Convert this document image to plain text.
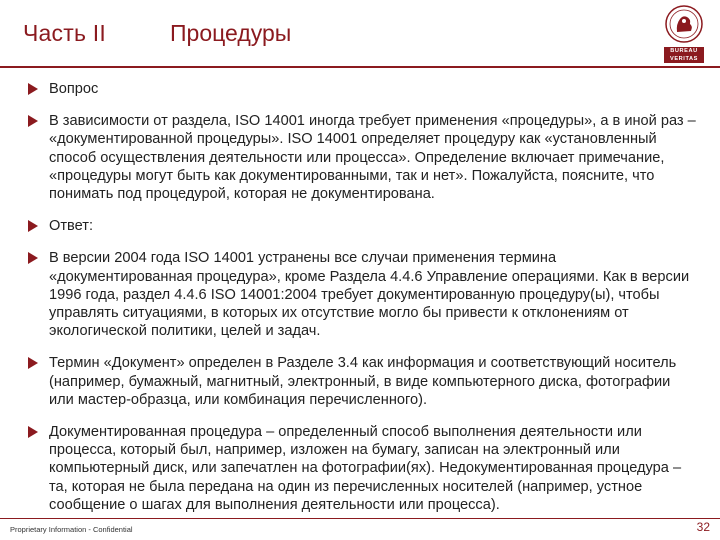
Часть II	Процедуры
BUREAU
VERITAS
Вопрос
В зависимости от раздела, ISO 14001 иногда требует применения «процедуры», а в иной раз – «документированной процедуры». ISO 14001 определяет процедуру как «установленный способ осуществления деятельности или процесса». Определение включает примечание, «процедуры могут быть как документированными, так и нет». Пожалуйста, поясните, что понимать под процедурой, которая не документирована.
Ответ:
В версии 2004 года ISO 14001 устранены все случаи применения термина «документированная процедура», кроме Раздела 4.4.6 Управление операциями. Как в версии 1996 года, раздел 4.4.6 ISO 14001:2004 требует документированную процедуру(ы), чтобы управлять ситуациями, в которых их отсутствие могло бы привести к отклонениям от экологической политики, целей и задач.
Термин «Документ» определен в Разделе 3.4 как информация и соответствующий носитель (например, бумажный, магнитный, электронный, в виде компьютерного диска, фотографии или мастер-образца, или комбинация перечисленного).
Документированная процедура – определенный способ выполнения деятельности или процесса, который был, например, изложен на бумагу, записан на электронный или компьютерный диск, или запечатлен на фотографии(ях). Недокументированная процедура – та, которая не была передана на один из перечисленных носителей (например, устное сообщение о шагах для выполнения деятельности или процесса).
Proprietary Information - Confidential	32
